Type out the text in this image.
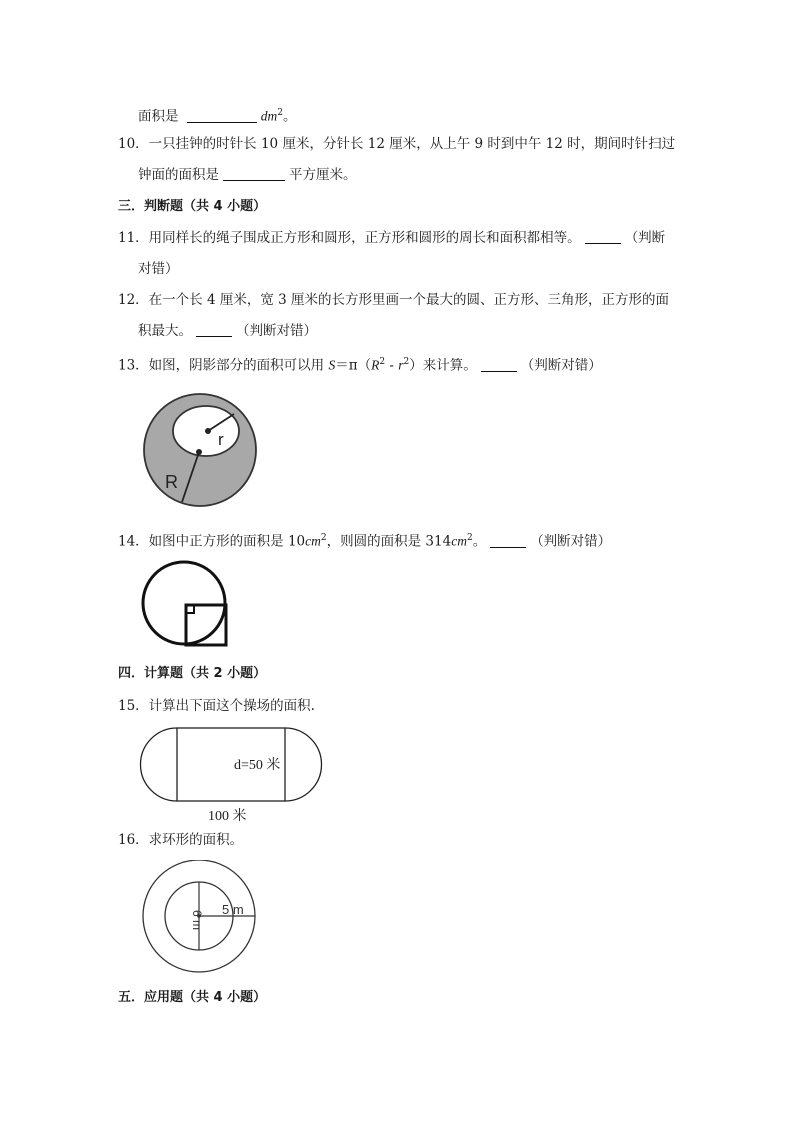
面积是	$dm^2$。
10．一只挂钟的时针长 10 厘米，分针长 12 厘米，从上午 9 时到中午 12 时，期间时针扫过
钟面的面积是	平方厘米。
三．判断题（共 4 小题）
11．用同样长的绳子围成正方形和圆形，正方形和圆形的周长和面积都相等。	（判断
对错）
12．在一个长 4 厘米，宽 3 厘米的长方形里画一个最大的圆、正方形、三角形，正方形的面
积最大。	（判断对错）
13．如图，阴影部分的面积可以用 $S=\pi(R^2 - r^2)$来计算。	（判断对错）
r
R
14．如图中正方形的面积是 $10cm^2$，则圆的面积是 $314cm^2$。	（判断对错）
四．计算题（共 2 小题）
15．计算出下面这个操场的面积.
d=50 米
100 米
16．求环形的面积。
6 m
5 m
五．应用题（共 4 小题）
